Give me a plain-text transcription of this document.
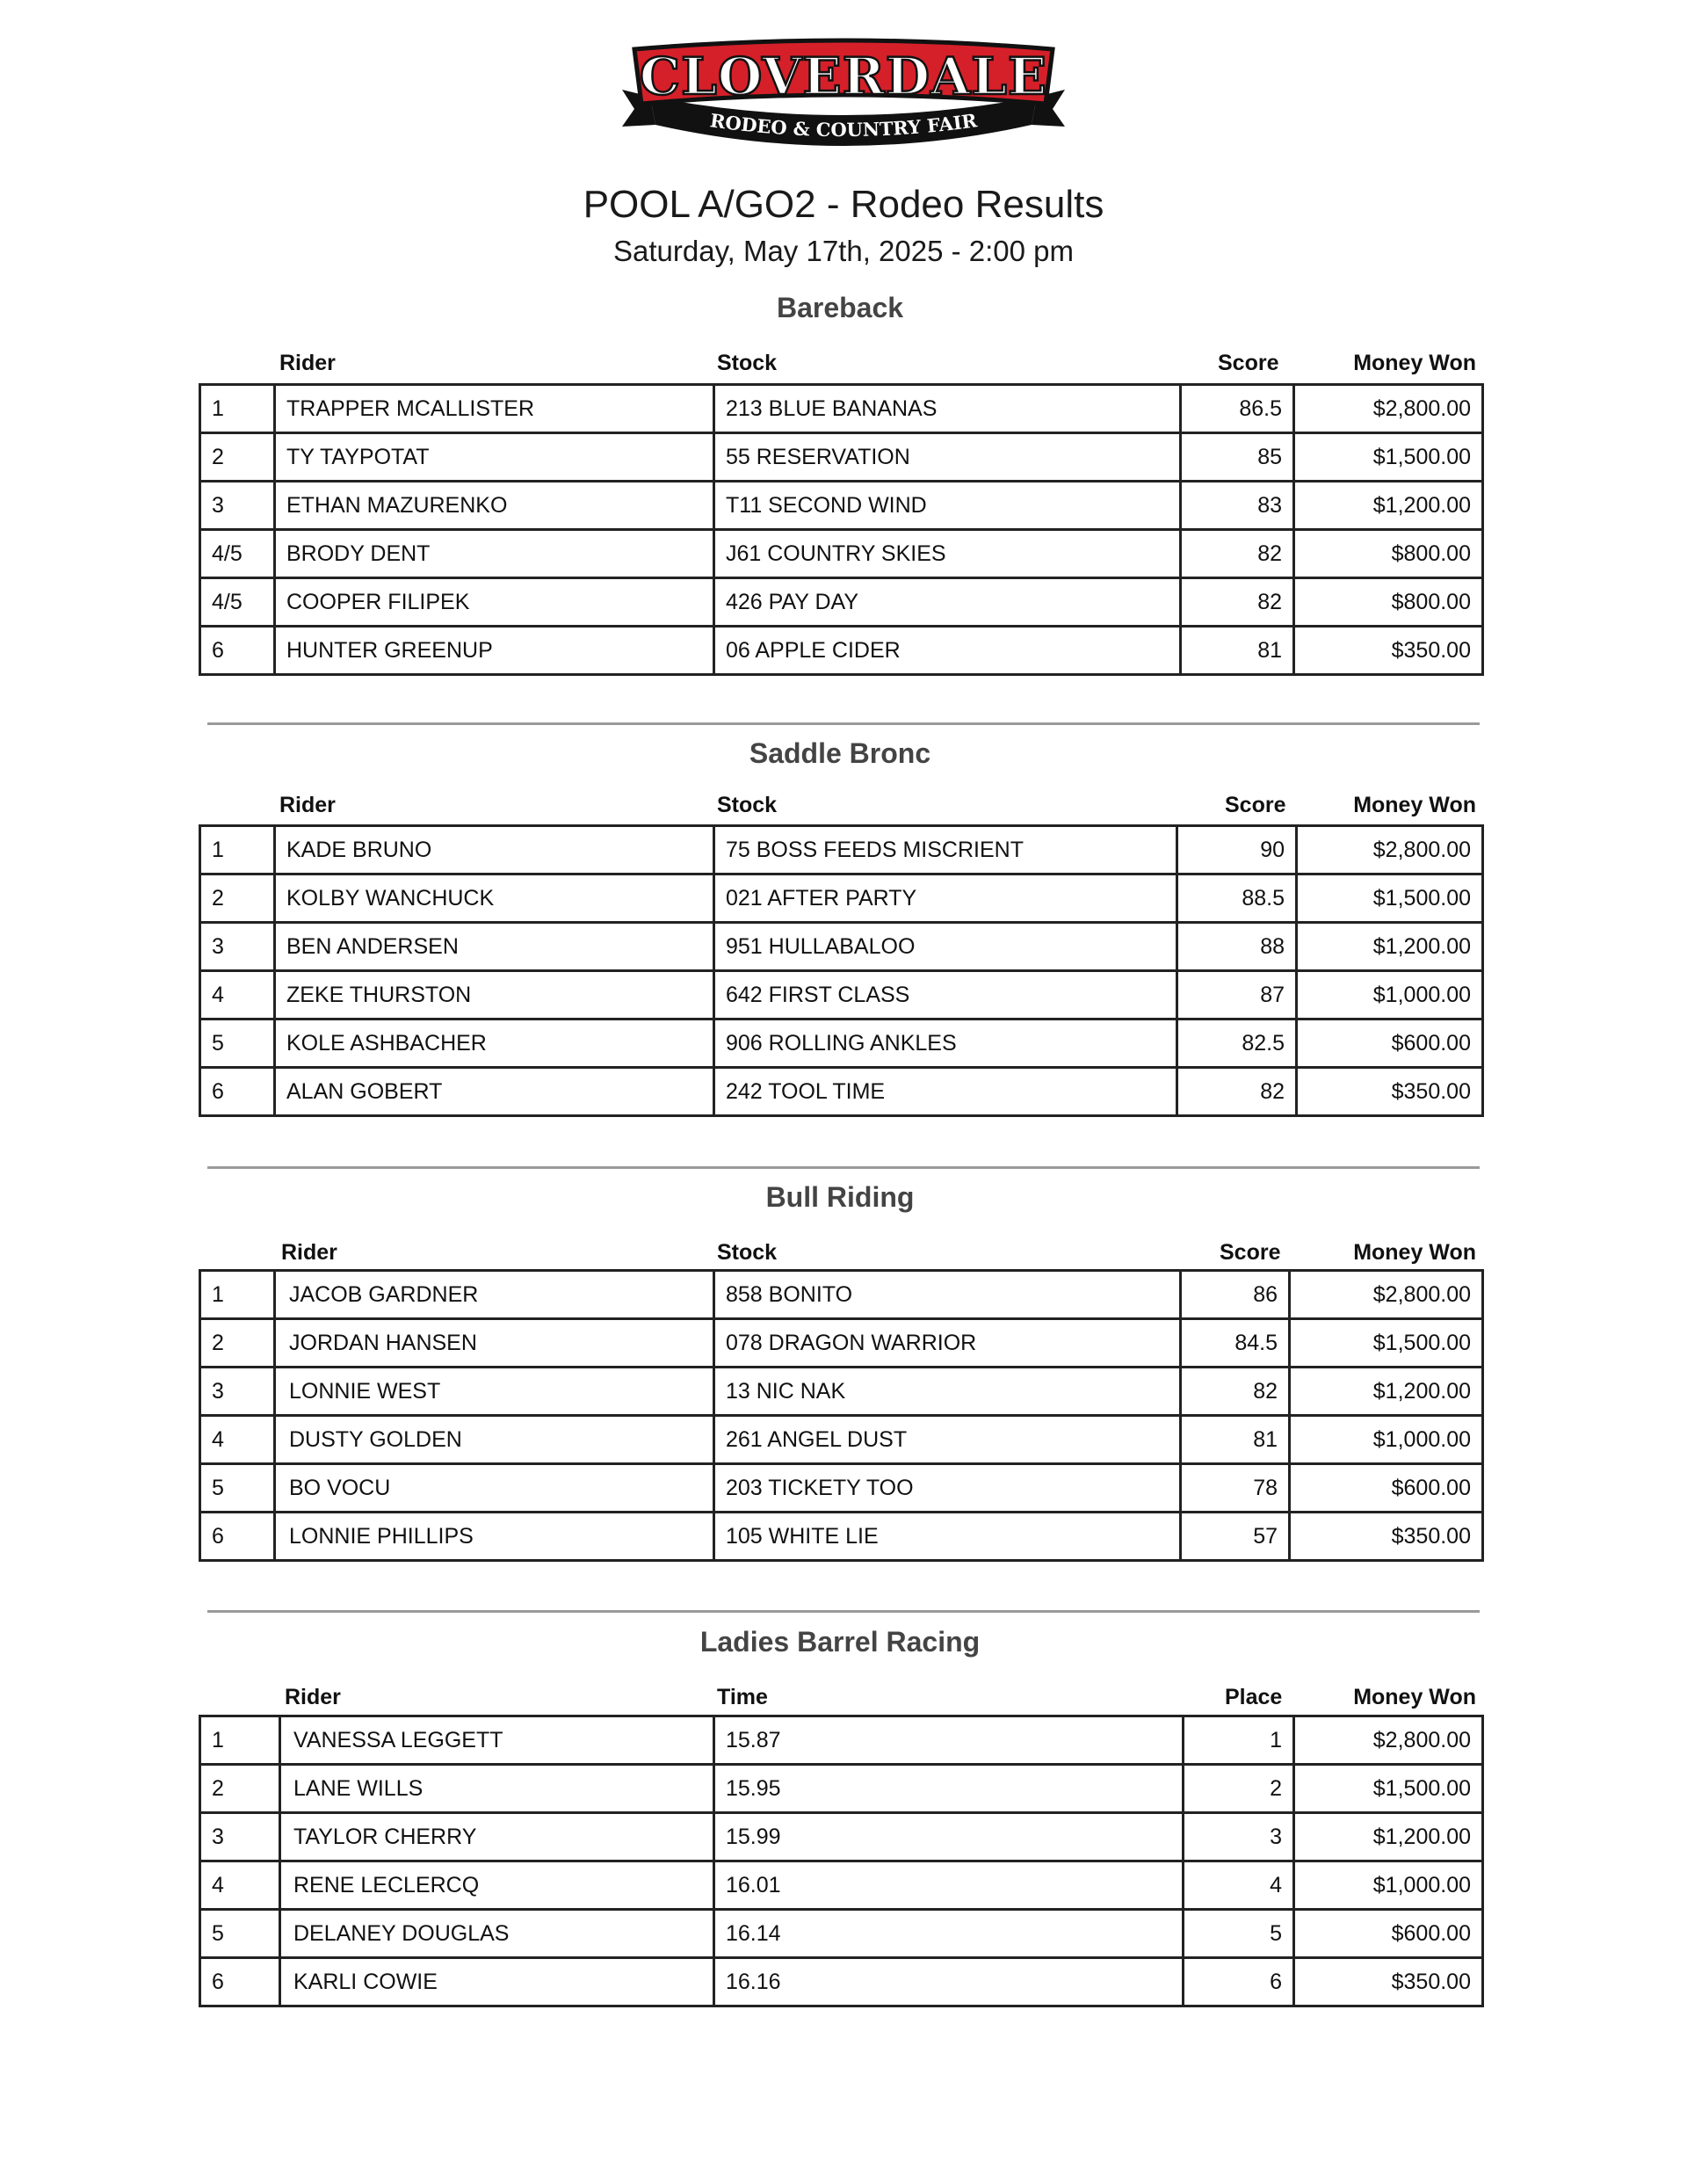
CLOVERDALE
RODEO & COUNTRY FAIR
POOL A/GO2 - Rodeo Results
Saturday, May 17th, 2025 - 2:00 pm
Bareback
Rider	Stock	Score	Money Won
1	TRAPPER MCALLISTER	213 BLUE BANANAS	86.5	$2,800.00
2	TY TAYPOTAT	55 RESERVATION	85	$1,500.00
3	ETHAN MAZURENKO	T11 SECOND WIND	83	$1,200.00
4/5	BRODY DENT	J61 COUNTRY SKIES	82	$800.00
4/5	COOPER FILIPEK	426 PAY DAY	82	$800.00
6	HUNTER GREENUP	06 APPLE CIDER	81	$350.00
Saddle Bronc
Rider	Stock	Score	Money Won
1	KADE BRUNO	75 BOSS FEEDS MISCRIENT	90	$2,800.00
2	KOLBY WANCHUCK	021 AFTER PARTY	88.5	$1,500.00
3	BEN ANDERSEN	951 HULLABALOO	88	$1,200.00
4	ZEKE THURSTON	642 FIRST CLASS	87	$1,000.00
5	KOLE ASHBACHER	906 ROLLING ANKLES	82.5	$600.00
6	ALAN GOBERT	242 TOOL TIME	82	$350.00
Bull Riding
Rider	Stock	Score	Money Won
1	JACOB GARDNER	858 BONITO	86	$2,800.00
2	JORDAN HANSEN	078 DRAGON WARRIOR	84.5	$1,500.00
3	LONNIE WEST	13 NIC NAK	82	$1,200.00
4	DUSTY GOLDEN	261 ANGEL DUST	81	$1,000.00
5	BO VOCU	203 TICKETY TOO	78	$600.00
6	LONNIE PHILLIPS	105 WHITE LIE	57	$350.00
Ladies Barrel Racing
Rider	Time	Place	Money Won
1	VANESSA LEGGETT	15.87	1	$2,800.00
2	LANE WILLS	15.95	2	$1,500.00
3	TAYLOR CHERRY	15.99	3	$1,200.00
4	RENE LECLERCQ	16.01	4	$1,000.00
5	DELANEY DOUGLAS	16.14	5	$600.00
6	KARLI COWIE	16.16	6	$350.00
